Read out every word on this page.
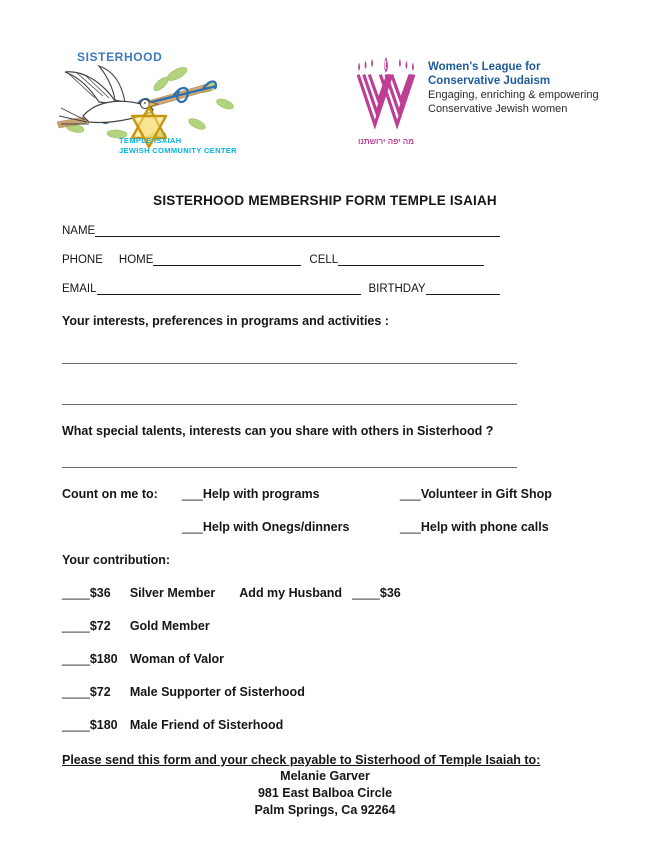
SISTERHOOD
TEMPLE ISAIAH
JEWISH COMMUNITY CENTER
מה יפה ירושתנו
Women's League for
Conservative Judaism
Engaging, enriching & empowering
Conservative Jewish women
SISTERHOOD MEMBERSHIP FORM TEMPLE ISAIAH
NAME
PHONE HOME	CELL
EMAIL	BIRTHDAY
Your interests, preferences in programs and activities :
What special talents, interests can you share with others in Sisterhood ?
Count on me to:	___Help with programs	___Volunteer in Gift Shop
___Help with Onegs/dinners	___Help with phone calls
Your contribution:
____ $36	Silver Member Add my Husband ____ $36
____ $72	Gold Member
____ $180 Woman of Valor
____ $72	Male Supporter of Sisterhood
____ $180 Male Friend of Sisterhood
Please send this form and your check payable to Sisterhood of Temple Isaiah to:
Melanie Garver
981 East Balboa Circle
Palm Springs, Ca 92264
